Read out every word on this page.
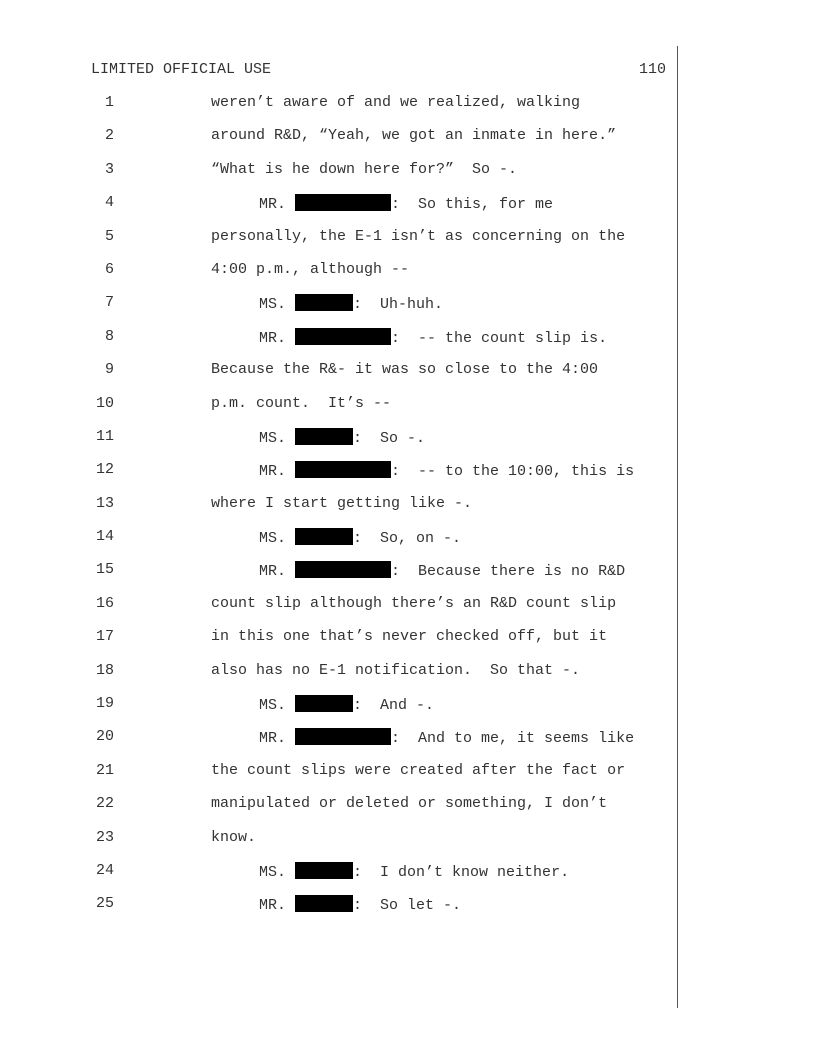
LIMITED OFFICIAL USE	110
1	weren’t aware of and we realized, walking
2	around R&D, “Yeah, we got an inmate in here.”
3	“What is he down here for?”  So -.
4	MR.	:  So this, for me
5	personally, the E-1 isn’t as concerning on the
6	4:00 p.m., although --
7	MS.	:  Uh-huh.
8	MR.	:  -- the count slip is.
9	Because the R&- it was so close to the 4:00
10	p.m. count.  It’s --
11	MS.	:  So -.
12	MR.	:  -- to the 10:00, this is
13	where I start getting like -.
14	MS.	:  So, on -.
15	MR.	:  Because there is no R&D
16	count slip although there’s an R&D count slip
17	in this one that’s never checked off, but it
18	also has no E-1 notification.  So that -.
19	MS.	:  And -.
20	MR.	:  And to me, it seems like
21	the count slips were created after the fact or
22	manipulated or deleted or something, I don’t
23	know.
24	MS.	:  I don’t know neither.
25	MR.	:  So let -.
